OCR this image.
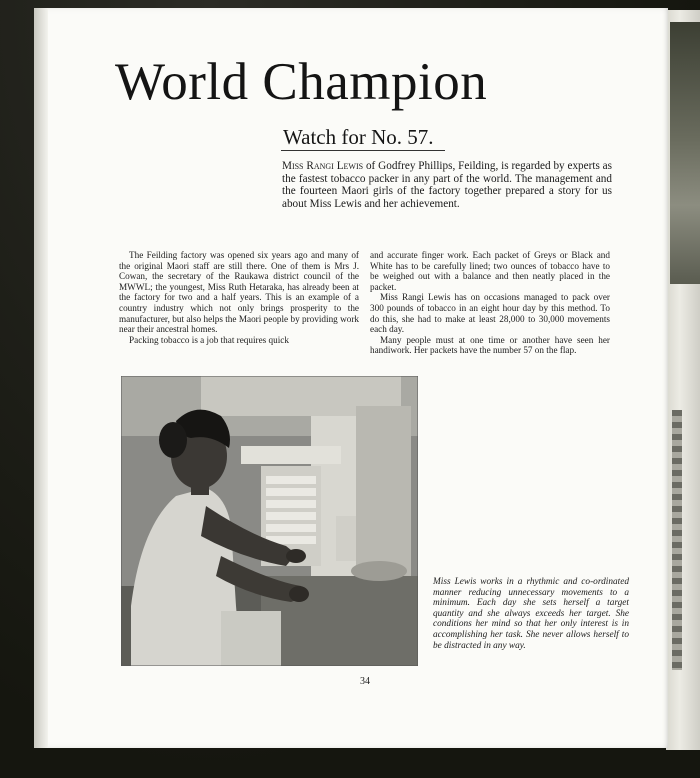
World Champion
Watch for No. 57.
Miss Rangi Lewis of Godfrey Phillips, Feilding, is regarded by experts as the fastest tobacco packer in any part of the world. The management and the fourteen Maori girls of the factory together prepared a story for us about Miss Lewis and her achievement.

The Feilding factory was opened six years ago and many of the original Maori staff are still there. One of them is Mrs J. Cowan, the secretary of the Raukawa district council of the MWWL; the youngest, Miss Ruth Hetaraka, has already been at the factory for two and a half years. This is an example of a country industry which not only brings prosperity to the manufacturer, but also helps the Maori people by providing work near their ancestral homes.

Packing tobacco is a job that requires quick

and accurate finger work. Each packet of Greys or Black and White has to be carefully lined; two ounces of tobacco have to be weighed out with a balance and then neatly placed in the packet.

Miss Rangi Lewis has on occasions managed to pack over 300 pounds of tobacco in an eight hour day by this method. To do this, she had to make at least 28,000 to 30,000 movements each day.

Many people must at one time or another have seen her handiwork. Her packets have the number 57 on the flap.

Miss Lewis works in a rhythmic and co-ordinated manner reducing unnecessary movements to a minimum. Each day she sets herself a target quantity and she always exceeds her target. She conditions her mind so that her only interest is in accomplishing her task. She never allows herself to be distracted in any way.
34
